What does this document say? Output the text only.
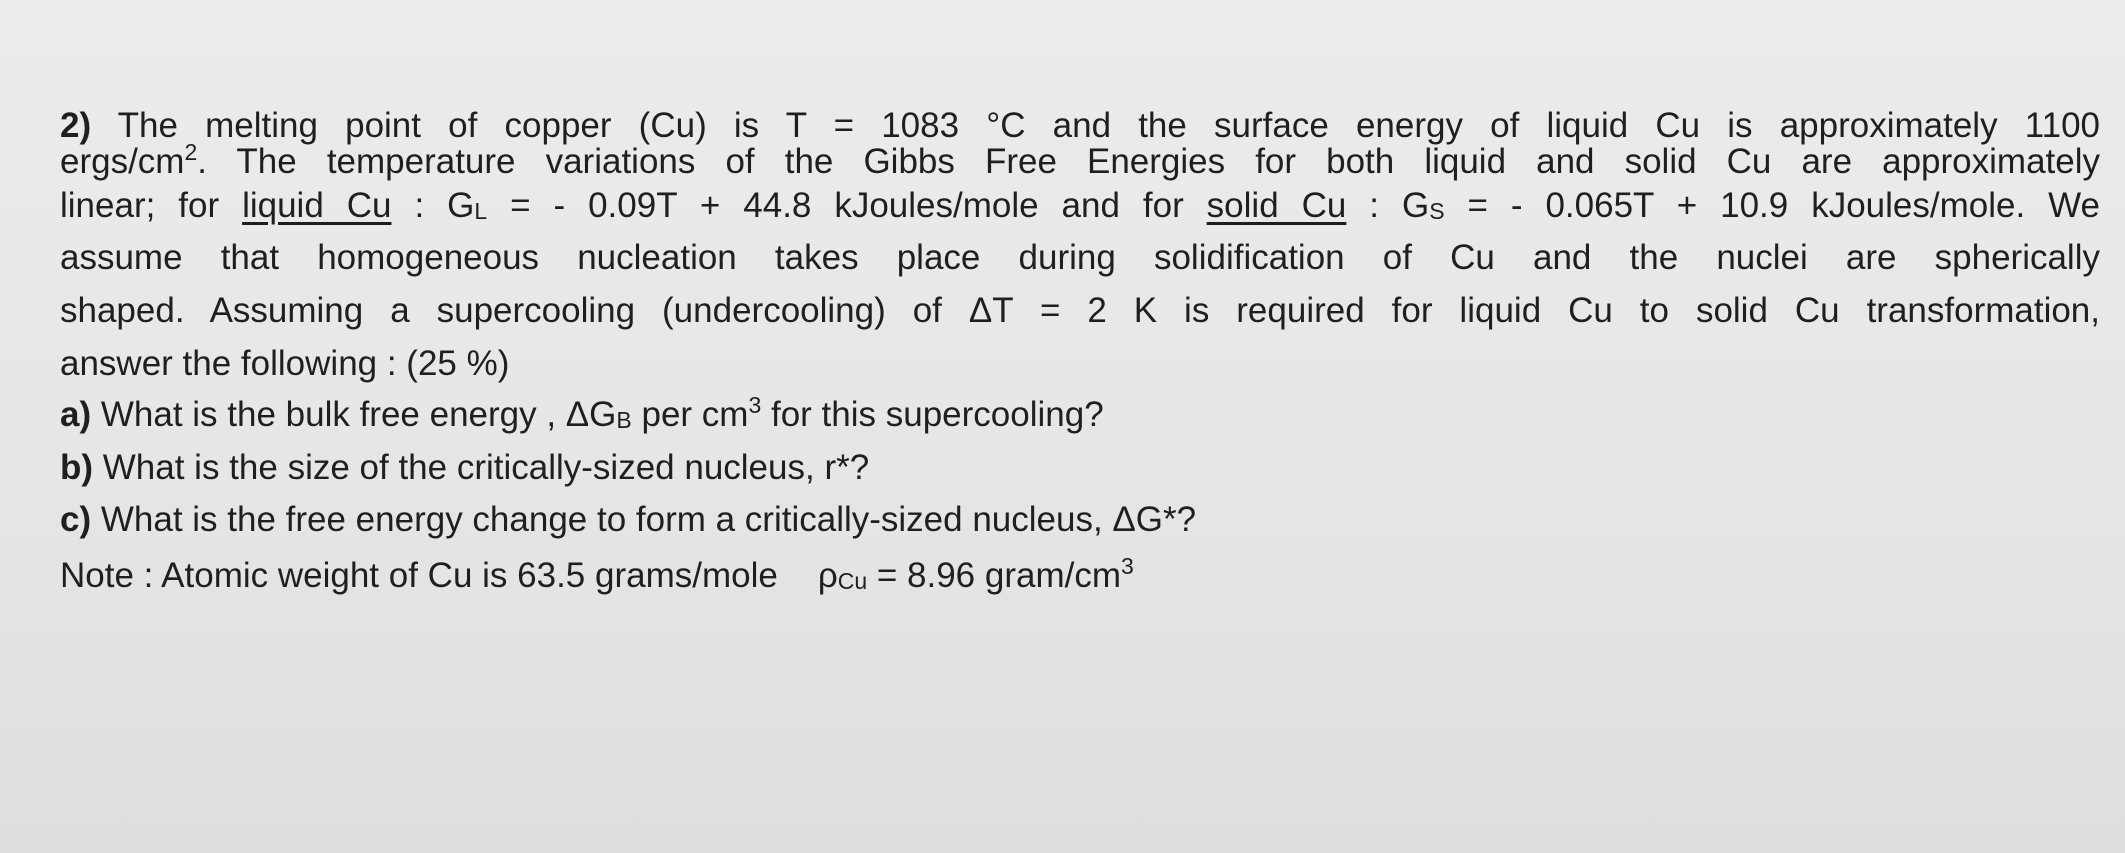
2) The melting point of copper (Cu) is T = 1083 °C and the surface energy of liquid Cu is approximately 1100
ergs/$cm^2$. The temperature variations of the Gibbs Free Energies for both liquid and solid Cu are approximately
linear; for liquid Cu : GL = - 0.09T + 44.8 kJoules/mole and for solid Cu : GS = - 0.065T + 10.9 kJoules/mole. We
assume that homogeneous nucleation takes place during solidification of Cu and the nuclei are spherically
shaped. Assuming a supercooling (undercooling) of ΔT = 2 K is required for liquid Cu to solid Cu transformation,
answer the following : (25 %)
a) What is the bulk free energy , ΔGB per $cm^3$ for this supercooling?
b) What is the size of the critically-sized nucleus, r*?
c) What is the free energy change to form a critically-sized nucleus, ΔG*?
Note : Atomic weight of Cu is 63.5 grams/mole ρCu = 8.96 gram/$cm^3$
